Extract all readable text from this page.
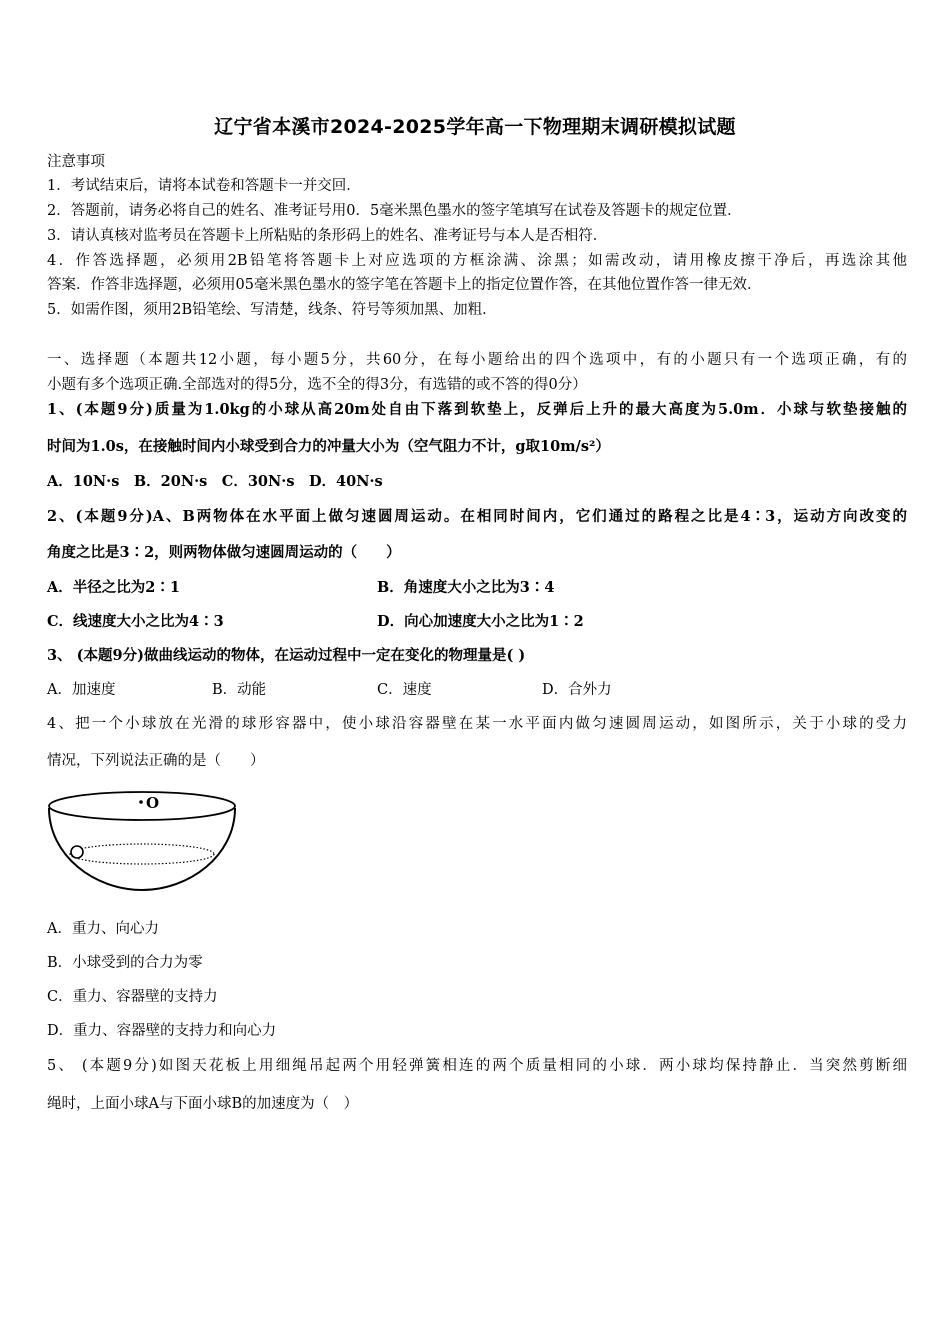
辽宁省本溪市2024-2025学年高一下物理期末调研模拟试题
注意事项
1．考试结束后，请将本试卷和答题卡一并交回．
2．答题前，请务必将自己的姓名、准考证号用0．5毫米黑色墨水的签字笔填写在试卷及答题卡的规定位置．
3．请认真核对监考员在答题卡上所粘贴的条形码上的姓名、准考证号与本人是否相符．
4．作答选择题，必须用2B铅笔将答题卡上对应选项的方框涂满、涂黑；如需改动，请用橡皮擦干净后，再选涂其他
答案．作答非选择题，必须用05毫米黑色墨水的签字笔在答题卡上的指定位置作答，在其他位置作答一律无效．
5．如需作图，须用2B铅笔绘、写清楚，线条、符号等须加黑、加粗．
一、选择题（本题共12小题，每小题5分，共60分，在每小题给出的四个选项中，有的小题只有一个选项正确，有的
小题有多个选项正确.全部选对的得5分，选不全的得3分，有选错的或不答的得0分）
1、(本题9分)质量为1.0kg的小球从高20m处自由下落到软垫上，反弹后上升的最大高度为5.0m．小球与软垫接触的
时间为1.0s，在接触时间内小球受到合力的冲量大小为（空气阻力不计，g取10m/s²）
A．10N·s　B．20N·s　C．30N·s　D．40N·s
2、(本题9分)A、B两物体在水平面上做匀速圆周运动。在相同时间内，它们通过的路程之比是4∶3，运动方向改变的
角度之比是3∶2，则两物体做匀速圆周运动的（　　）
A．半径之比为2∶1	B．角速度大小之比为3∶4
C．线速度大小之比为4∶3	D．向心加速度大小之比为1∶2
3、 (本题9分)做曲线运动的物体，在运动过程中一定在变化的物理量是( )
A．加速度	B．动能	C．速度	D．合外力
4、把一个小球放在光滑的球形容器中，使小球沿容器壁在某一水平面内做匀速圆周运动，如图所示，关于小球的受力
情况，下列说法正确的是（　　）
O
A．重力、向心力
B．小球受到的合力为零
C．重力、容器壁的支持力
D．重力、容器壁的支持力和向心力
5、 (本题9分)如图天花板上用细绳吊起两个用轻弹簧相连的两个质量相同的小球．两小球均保持静止．当突然剪断细
绳时，上面小球A与下面小球B的加速度为（　）
